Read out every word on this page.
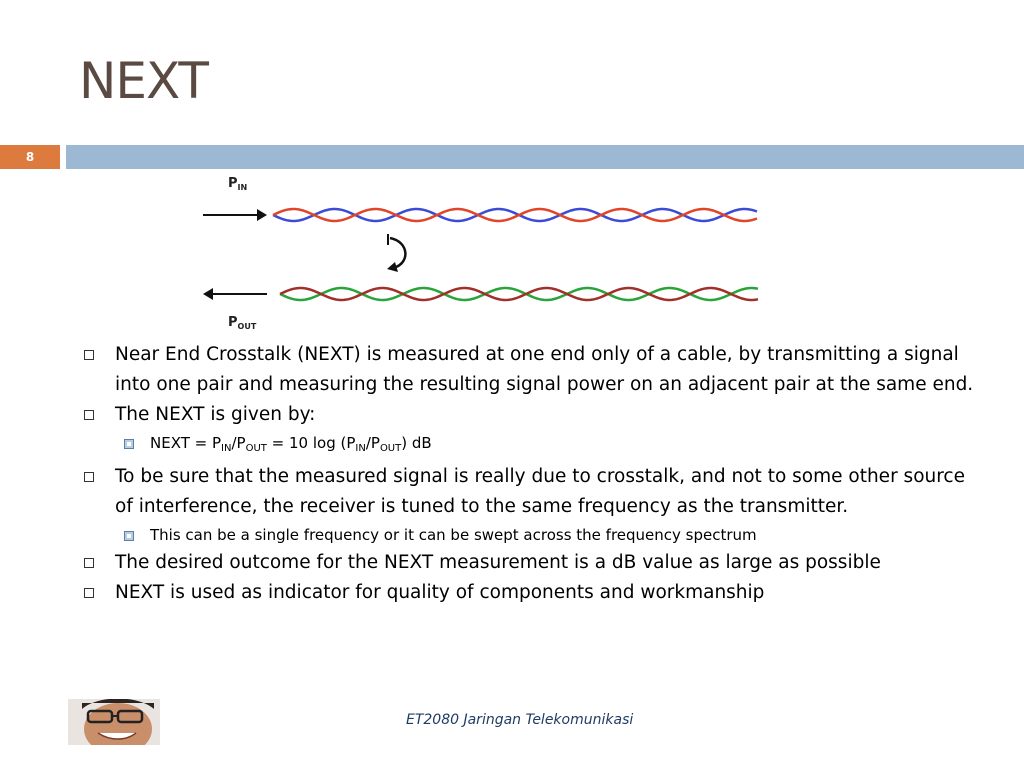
NEXT
8
$P_{IN}$
$P_{OUT}$
Near End Crosstalk (NEXT) is measured at one end only of a cable, by transmitting a signal into one pair and measuring the resulting signal power on an adjacent pair at the same end.
The NEXT is given by:
NEXT = $P_{IN}/P_{OUT} = 10$ $\log (P_{IN}/P_{OUT})$ dB
To be sure that the measured signal is really due to crosstalk, and not to some other source of interference, the receiver is tuned to the same frequency as the transmitter.
This can be a single frequency or it can be swept across the frequency spectrum
The desired outcome for the NEXT measurement is a dB value as large as possible
NEXT is used as indicator for quality of components and workmanship
ET2080 Jaringan Telekomunikasi
